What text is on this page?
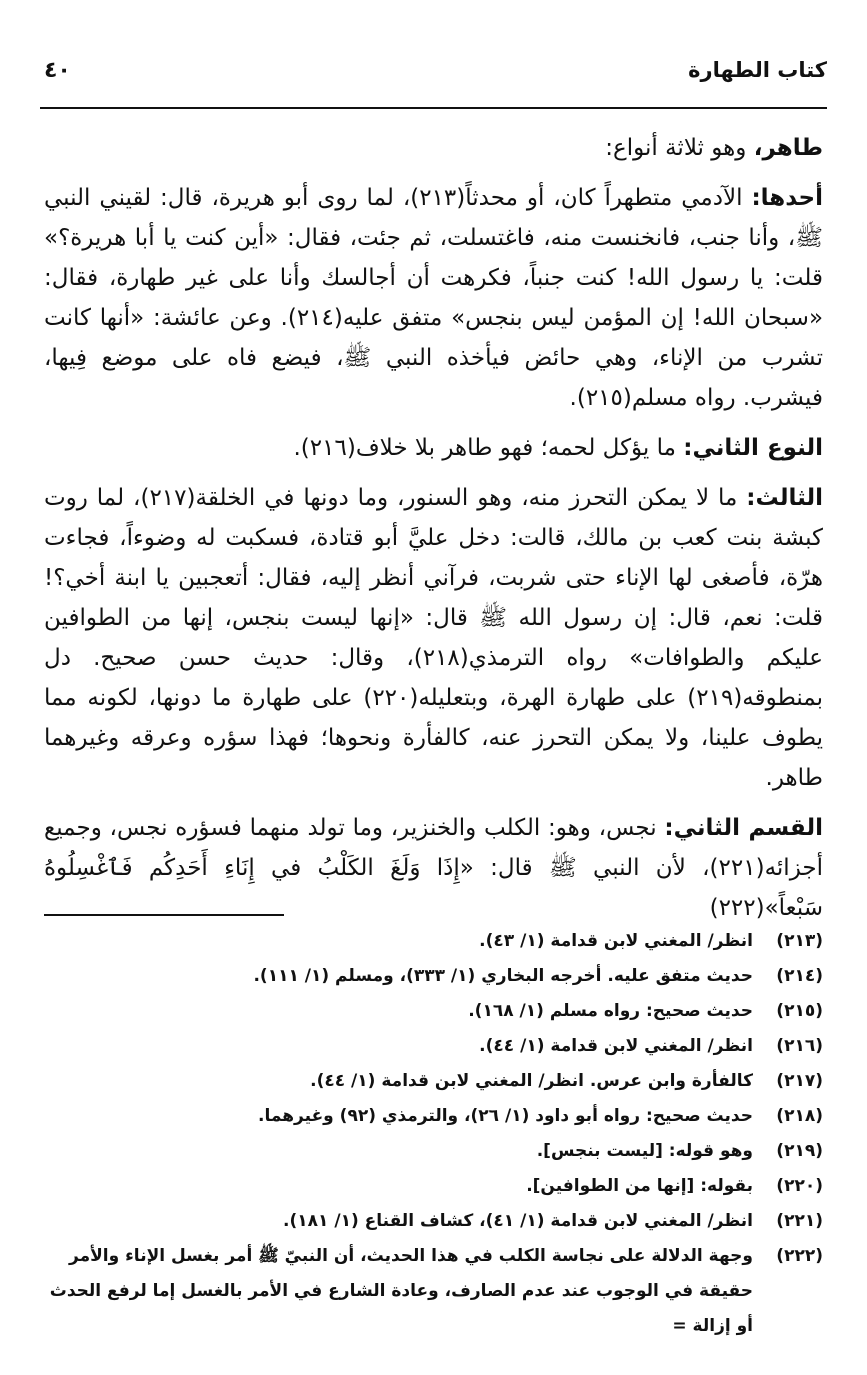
كتاب الطهارة
٤٠

طاهر، وهو ثلاثة أنواع:

أحدها: الآدمي متطهراً كان، أو محدثاً(٢١٣)، لما روى أبو هريرة، قال: لقيني النبي ﷺ، وأنا جنب، فانخنست منه، فاغتسلت، ثم جئت، فقال: «أين كنت يا أبا هريرة؟» قلت: يا رسول الله! كنت جنباً، فكرهت أن أجالسك وأنا على غير طهارة، فقال: «سبحان الله! إن المؤمن ليس بنجس» متفق عليه(٢١٤). وعن عائشة: «أنها كانت تشرب من الإناء، وهي حائض فيأخذه النبي ﷺ، فيضع فاه على موضع فِيها، فيشرب. رواه مسلم(٢١٥).

النوع الثاني: ما يؤكل لحمه؛ فهو طاهر بلا خلاف(٢١٦).

الثالث: ما لا يمكن التحرز منه، وهو السنور، وما دونها في الخلقة(٢١٧)، لما روت كبشة بنت كعب بن مالك، قالت: دخل عليَّ أبو قتادة، فسكبت له وضوءاً، فجاءت هرّة، فأصغى لها الإناء حتى شربت، فرآني أنظر إليه، فقال: أتعجبين يا ابنة أخي؟! قلت: نعم، قال: إن رسول الله ﷺ قال: «إنها ليست بنجس، إنها من الطوافين عليكم والطوافات» رواه الترمذي(٢١٨)، وقال: حديث حسن صحيح. دل بمنطوقه(٢١٩) على طهارة الهرة، وبتعليله(٢٢٠) على طهارة ما دونها، لكونه مما يطوف علينا، ولا يمكن التحرز عنه، كالفأرة ونحوها؛ فهذا سؤره وعرقه وغيرهما طاهر.

القسم الثاني: نجس، وهو: الكلب والخنزير، وما تولد منهما فسؤره نجس، وجميع أجزائه(٢٢١)، لأن النبي ﷺ قال: «إِذَا وَلَغَ الكَلْبُ في إِنَاءِ أَحَدِكُم فَٱغْسِلُوهُ سَبْعاً»(٢٢٢)

(٢١٣)
انظر/ المغني لابن قدامة (١/ ٤٣).
(٢١٤)
حديث متفق عليه. أخرجه البخاري (١/ ٣٣٣)، ومسلم (١/ ١١١).
(٢١٥)
حديث صحيح: رواه مسلم (١/ ١٦٨).
(٢١٦)
انظر/ المغني لابن قدامة (١/ ٤٤).
(٢١٧)
كالفأرة وابن عرس. انظر/ المغني لابن قدامة (١/ ٤٤).
(٢١٨)
حديث صحيح: رواه أبو داود (١/ ٢٦)، والترمذي (٩٢) وغيرهما.
(٢١٩)
وهو قوله: [ليست بنجس].
(٢٢٠)
بقوله: [إنها من الطوافين].
(٢٢١)
انظر/ المغني لابن قدامة (١/ ٤١)، كشاف القناع (١/ ١٨١).
(٢٢٢)
وجهة الدلالة على نجاسة الكلب في هذا الحديث، أن النبيّ ﷺ أمر بغسل الإناء والأمر حقيقة في الوجوب عند عدم الصارف، وعادة الشارع في الأمر بالغسل إما لرفع الحدث أو إزالة =
